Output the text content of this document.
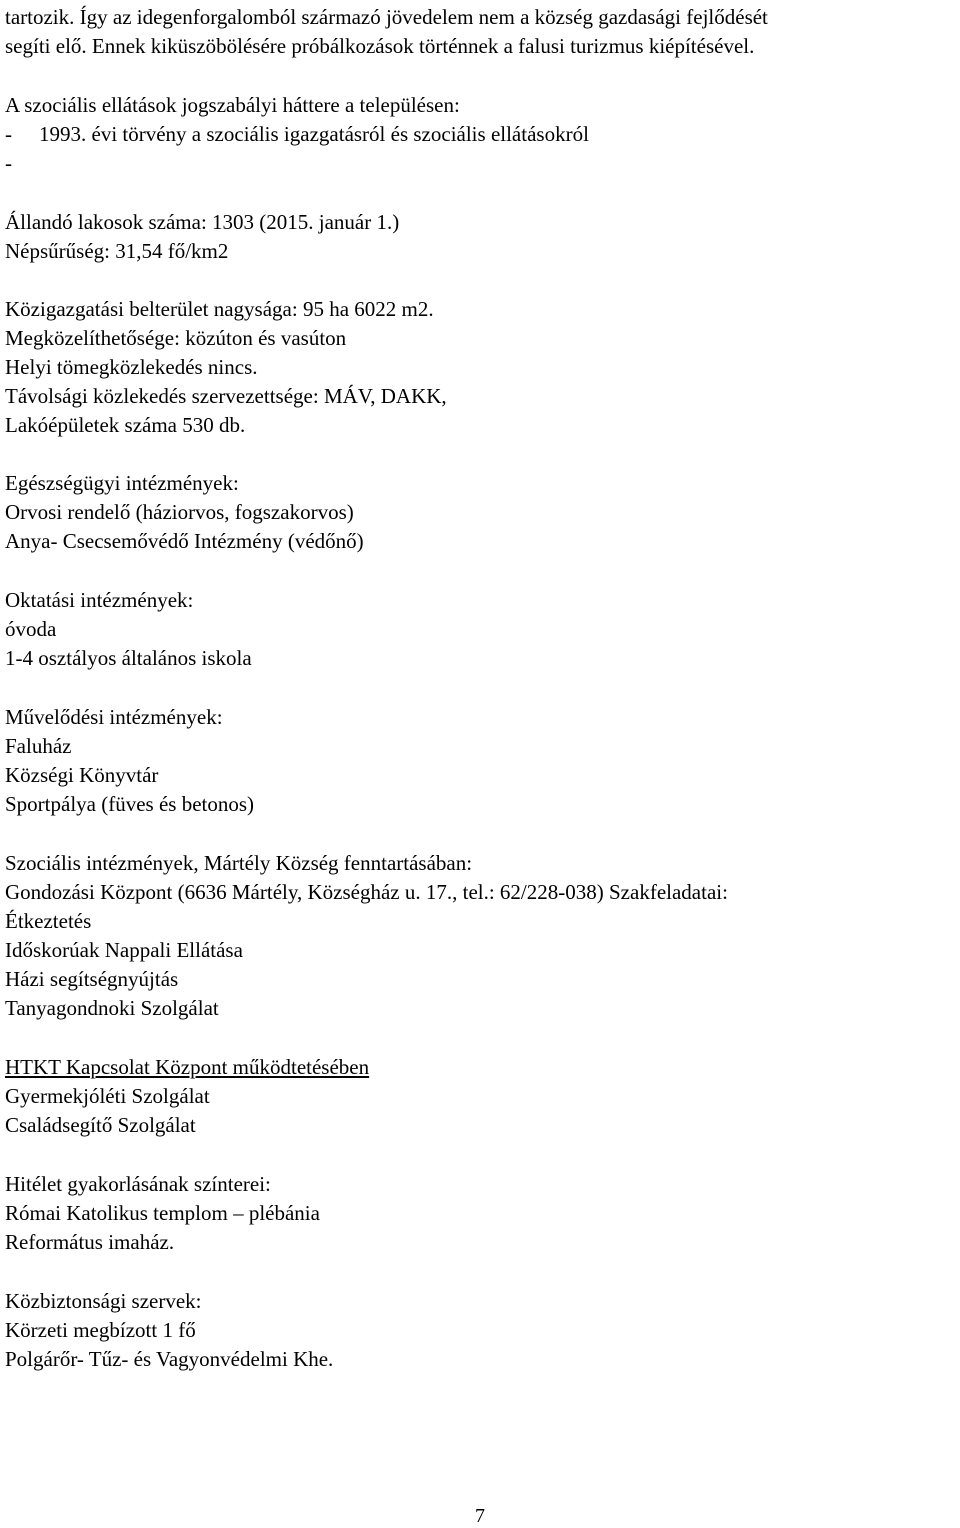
tartozik. Így az idegenforgalomból származó jövedelem nem a község gazdasági fejlődését
segíti elő. Ennek kiküszöbölésére próbálkozások történnek a falusi turizmus kiépítésével.
A szociális ellátások jogszabályi háttere a településen:
- 1993. évi törvény a szociális igazgatásról és szociális ellátásokról
-
Állandó lakosok száma: 1303 (2015. január 1.)
Népsűrűség: 31,54 fő/km2
Közigazgatási belterület nagysága: 95 ha 6022 m2.
Megközelíthetősége: közúton és vasúton
Helyi tömegközlekedés nincs.
Távolsági közlekedés szervezettsége: MÁV, DAKK,
Lakóépületek száma 530 db.
Egészségügyi intézmények:
Orvosi rendelő (háziorvos, fogszakorvos)
Anya- Csecsemővédő Intézmény (védőnő)
Oktatási intézmények:
óvoda
1-4 osztályos általános iskola
Művelődési intézmények:
Faluház
Községi Könyvtár
Sportpálya (füves és betonos)
Szociális intézmények, Mártély Község fenntartásában:
Gondozási Központ (6636 Mártély, Községház u. 17., tel.: 62/228-038) Szakfeladatai:
Étkeztetés
Időskorúak Nappali Ellátása
Házi segítségnyújtás
Tanyagondnoki Szolgálat
HTKT Kapcsolat Központ működtetésében
Gyermekjóléti Szolgálat
Családsegítő Szolgálat
Hitélet gyakorlásának színterei:
Római Katolikus templom – plébánia
Református imaház.
Közbiztonsági szervek:
Körzeti megbízott 1 fő
Polgárőr- Tűz- és Vagyonvédelmi Khe.
7
